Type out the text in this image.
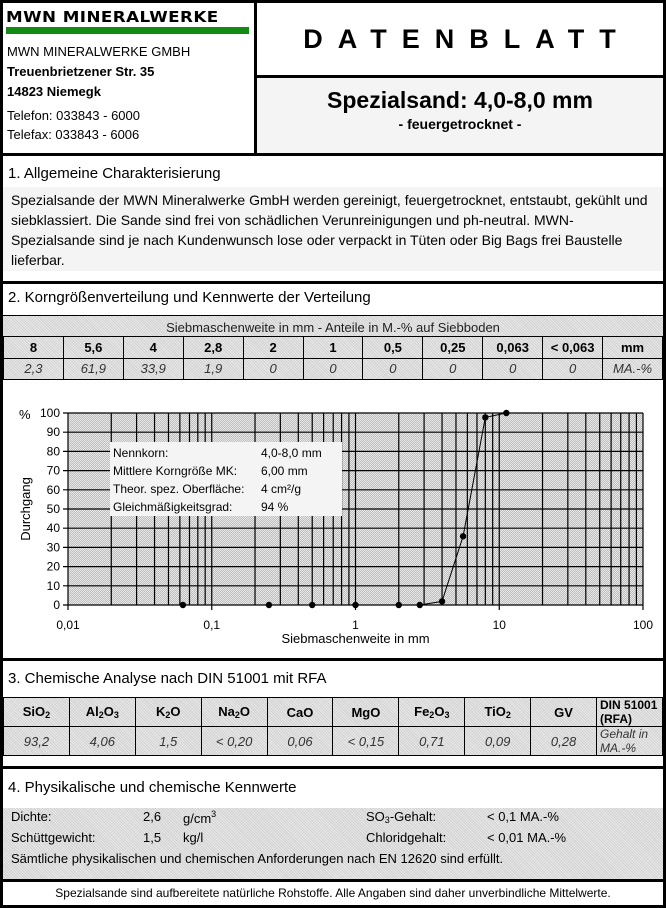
MWN MINERALWERKE
MWN MINERALWERKE GMBH
Treuenbrietzener Str. 35
14823 Niemegk
Telefon: 033843 - 6000
Telefax: 033843 - 6006
DATENBLATT
Spezialsand: 4,0-8,0 mm
- feuergetrocknet -
1. Allgemeine Charakterisierung
Spezialsande der MWN Mineralwerke GmbH werden gereinigt, feuergetrocknet, entstaubt, gekühlt und siebklassiert. Die Sande sind frei von schädlichen Verunreinigungen und ph-neutral. MWN-Spezialsande sind je nach Kundenwunsch lose oder verpackt in Tüten oder Big Bags frei Baustelle lieferbar.
2. Korngrößenverteilung und Kennwerte der Verteilung
Siebmaschenweite in mm - Anteile in M.-% auf Siebboden										
8	5,6	4	2,8	2	1	0,5	0,25	0,063	< 0,063	mm
2,3	61,9	33,9	1,9	0	0	0	0	0	0	MA.-%
0
10
20
30
40
50
60
70
80
90
100
0,01	0,1	1	10	100
%
Durchgang
Siebmaschenweite in mm
Nennkorn:	4,0-8,0 mm
Mittlere Korngröße MK:	6,00 mm
Theor. spez. Oberfläche:	4 cm²/g
Gleichmäßigkeitsgrad:	94 %
3. Chemische Analyse nach DIN 51001 mit RFA
SiO$_2$	$Al_2O_3$	$K_2O$	$Na_2O$	CaO	MgO	$Fe_2O_3$	TiO$_2$	GV	DIN 51001 (RFA)
93,2	4,06	1,5	< 0,20	0,06	< 0,15	0,71	0,09	0,28	Gehalt in MA.-%
4. Physikalische und chemische Kennwerte
Dichte:	2,6 $g/cm^3$	$SO_3$-Gehalt:	< 0,1 MA.-%
Schüttgewicht:	1,5 kg/l	Chloridgehalt:	< 0,01 MA.-%
Sämtliche physikalischen und chemischen Anforderungen nach EN 12620 sind erfüllt.
Spezialsande sind aufbereitete natürliche Rohstoffe. Alle Angaben sind daher unverbindliche Mittelwerte.
